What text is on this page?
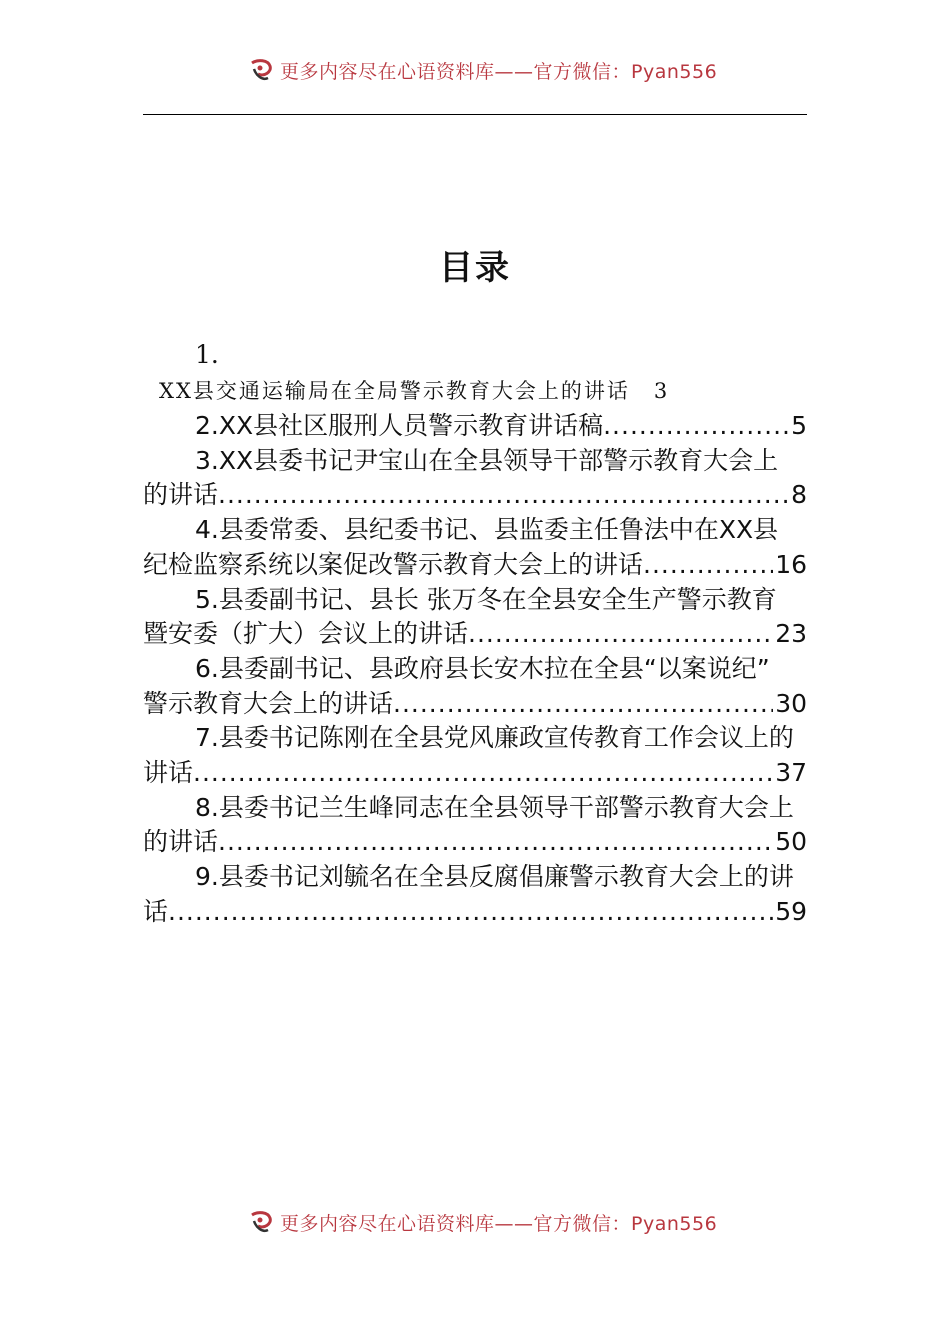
更多内容尽在心语资料库——官方微信：Pyan556
目录
1.
XX县交通运输局在全局警示教育大会上的讲话	3
2.XX县社区服刑人员警示教育讲话稿 .....	5
3.XX县委书记尹宝山在全县领导干部警示教育大会上
的讲话 .....	8
4.县委常委、县纪委书记、县监委主任鲁法中在XX县
纪检监察系统以案促改警示教育大会上的讲话 .....	16
5.县委副书记、县长 张万冬在全县安全生产警示教育
暨安委（扩大）会议上的讲话 .....	23
6.县委副书记、县政府县长安木拉在全县“以案说纪”
警示教育大会上的讲话 .....	30
7.县委书记陈刚在全县党风廉政宣传教育工作会议上的
讲话 .....	37
8.县委书记兰生峰同志在全县领导干部警示教育大会上
的讲话 .....	50
9.县委书记刘毓名在全县反腐倡廉警示教育大会上的讲
话 .....	59
更多内容尽在心语资料库——官方微信：Pyan556
